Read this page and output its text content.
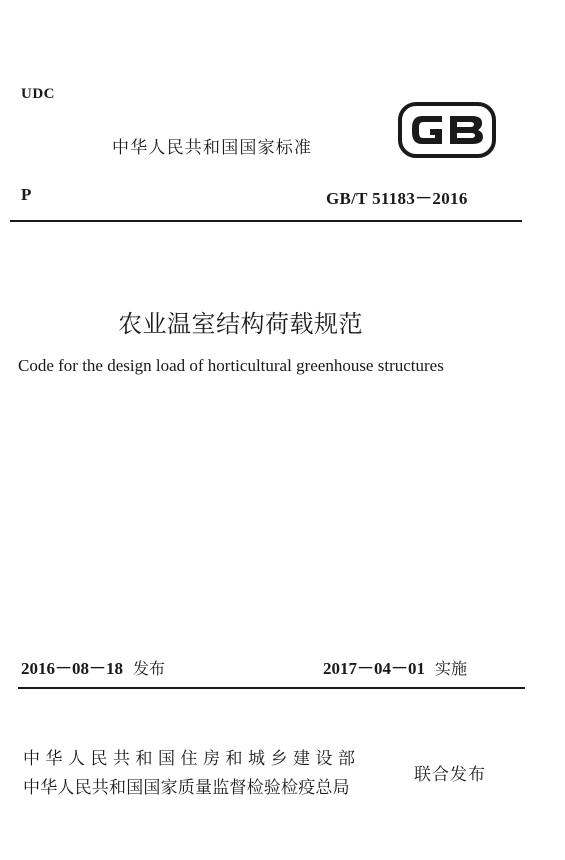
UDC
中华人民共和国国家标准
GB
P	GB/T 51183－2016
农业温室结构荷载规范
Code for the design load of horticultural greenhouse structures
2016－08－18 发布	2017－04－01 实施
中华人民共和国住房和城乡建设部
中华人民共和国国家质量监督检验检疫总局
联合发布
